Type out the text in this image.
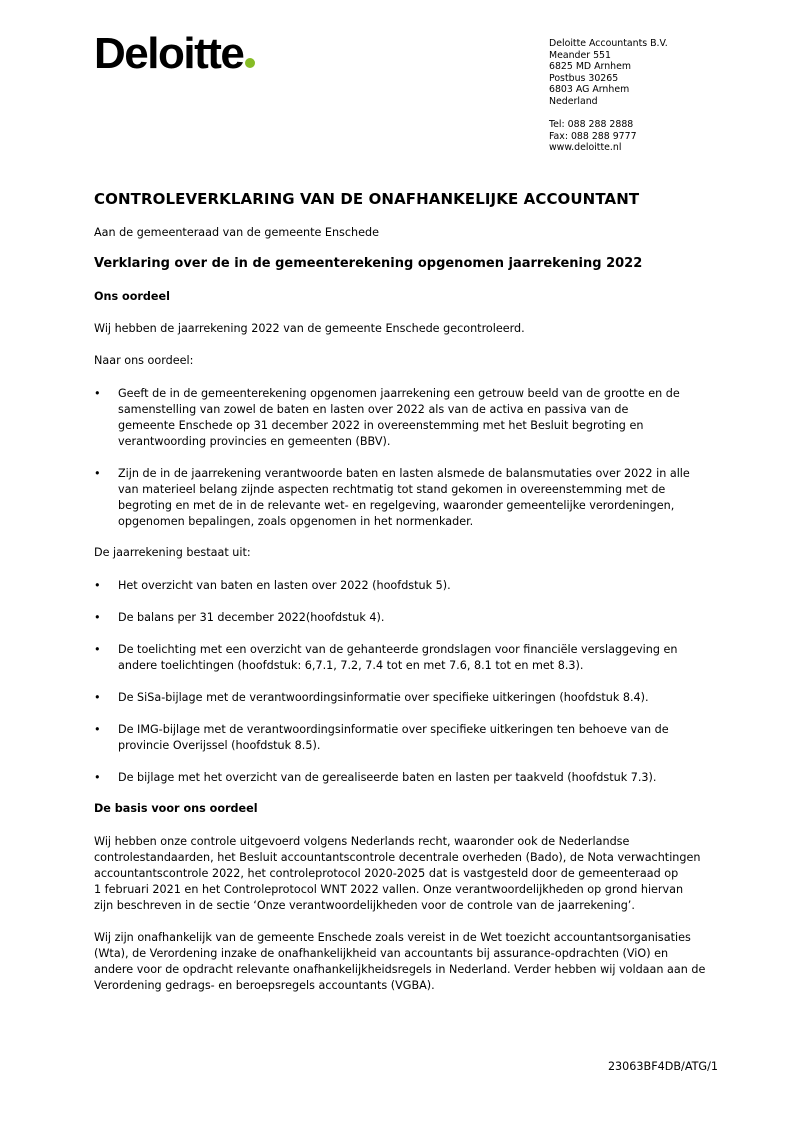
Deloitte	Deloitte Accountants B.V.
Meander 551
6825 MD Arnhem
Postbus 30265
6803 AG Arnhem
Nederland
Tel: 088 288 2888
Fax: 088 288 9777
www.deloitte.nl
CONTROLEVERKLARING VAN DE ONAFHANKELIJKE ACCOUNTANT
Aan de gemeenteraad van de gemeente Enschede
Verklaring over de in de gemeenterekening opgenomen jaarrekening 2022
Ons oordeel
Wij hebben de jaarrekening 2022 van de gemeente Enschede gecontroleerd.
Naar ons oordeel:
• Geeft de in de gemeenterekening opgenomen jaarrekening een getrouw beeld van de grootte en de
samenstelling van zowel de baten en lasten over 2022 als van de activa en passiva van de
gemeente Enschede op 31 december 2022 in overeenstemming met het Besluit begroting en
verantwoording provincies en gemeenten (BBV).
• Zijn de in de jaarrekening verantwoorde baten en lasten alsmede de balansmutaties over 2022 in alle
van materieel belang zijnde aspecten rechtmatig tot stand gekomen in overeenstemming met de
begroting en met de in de relevante wet- en regelgeving, waaronder gemeentelijke verordeningen,
opgenomen bepalingen, zoals opgenomen in het normenkader.
De jaarrekening bestaat uit:
• Het overzicht van baten en lasten over 2022 (hoofdstuk 5).
• De balans per 31 december 2022(hoofdstuk 4).
• De toelichting met een overzicht van de gehanteerde grondslagen voor financiële verslaggeving en
andere toelichtingen (hoofdstuk: 6,7.1, 7.2, 7.4 tot en met 7.6, 8.1 tot en met 8.3).
• De SiSa-bijlage met de verantwoordingsinformatie over specifieke uitkeringen (hoofdstuk 8.4).
• De IMG-bijlage met de verantwoordingsinformatie over specifieke uitkeringen ten behoeve van de
provincie Overijssel (hoofdstuk 8.5).
• De bijlage met het overzicht van de gerealiseerde baten en lasten per taakveld (hoofdstuk 7.3).
De basis voor ons oordeel
Wij hebben onze controle uitgevoerd volgens Nederlands recht, waaronder ook de Nederlandse
controlestandaarden, het Besluit accountantscontrole decentrale overheden (Bado), de Nota verwachtingen
accountantscontrole 2022, het controleprotocol 2020-2025 dat is vastgesteld door de gemeenteraad op
1 februari 2021 en het Controleprotocol WNT 2022 vallen. Onze verantwoordelijkheden op grond hiervan
zijn beschreven in de sectie ‘Onze verantwoordelijkheden voor de controle van de jaarrekening’.
Wij zijn onafhankelijk van de gemeente Enschede zoals vereist in de Wet toezicht accountantsorganisaties
(Wta), de Verordening inzake de onafhankelijkheid van accountants bij assurance-opdrachten (ViO) en
andere voor de opdracht relevante onafhankelijkheidsregels in Nederland. Verder hebben wij voldaan aan de
Verordening gedrags- en beroepsregels accountants (VGBA).
23063BF4DB/ATG/1
